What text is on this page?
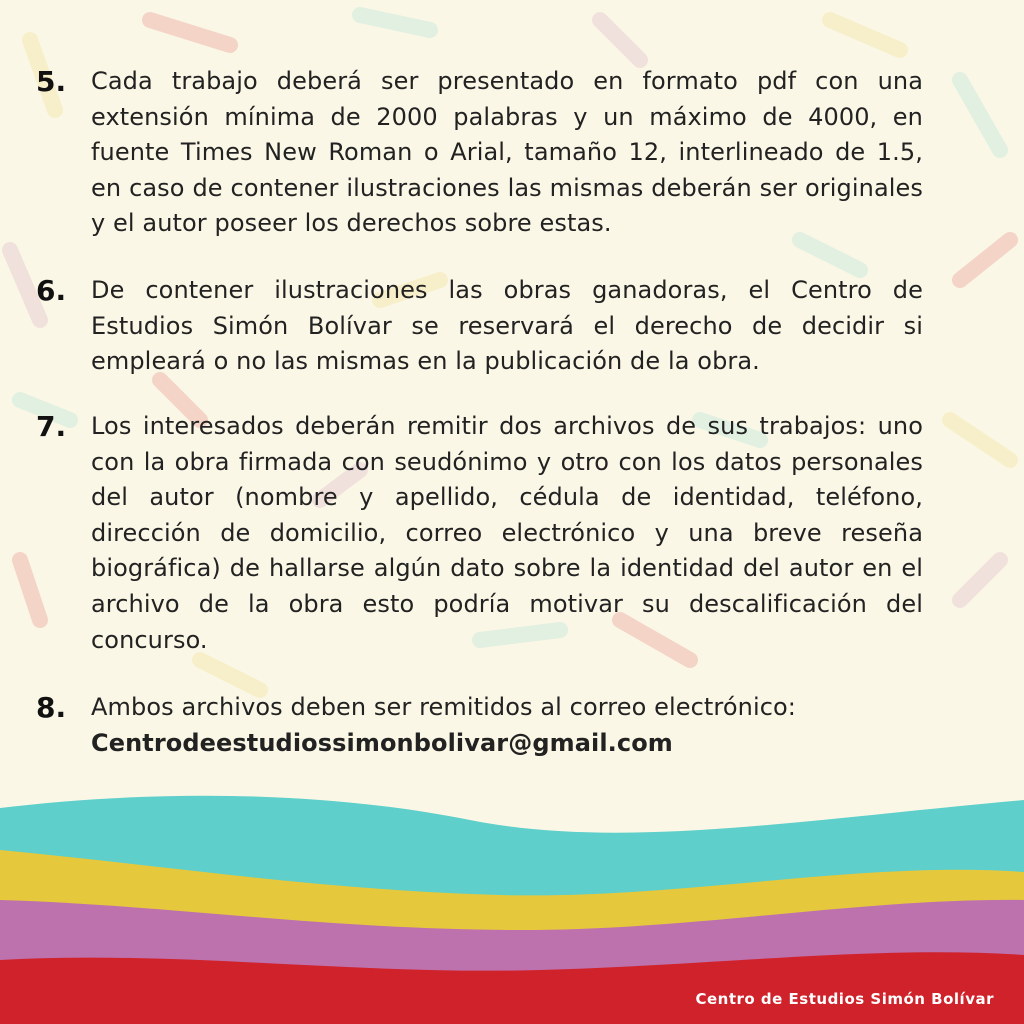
5. Cada trabajo deberá ser presentado en formato pdf con una extensión mínima de 2000 palabras y un máximo de 4000, en fuente Times New Roman o Arial, tamaño 12, interlineado de 1.5, en caso de contener ilustraciones las mismas deberán ser originales y el autor poseer los derechos sobre estas.
6. De contener ilustraciones las obras ganadoras, el Centro de Estudios Simón Bolívar se reservará el derecho de decidir si empleará o no las mismas en la publicación de la obra.
7. Los interesados deberán remitir dos archivos de sus trabajos: uno con la obra firmada con seudónimo y otro con los datos personales del autor (nombre y apellido, cédula de identidad, teléfono, dirección de domicilio, correo electrónico y una breve reseña biográfica) de hallarse algún dato sobre la identidad del autor en el archivo de la obra esto podría motivar su descalificación del concurso.
8. Ambos archivos deben ser remitidos al correo electrónico:
Centrodeestudiossimonbolivar@gmail.com
Centro de Estudios Simón Bolívar
